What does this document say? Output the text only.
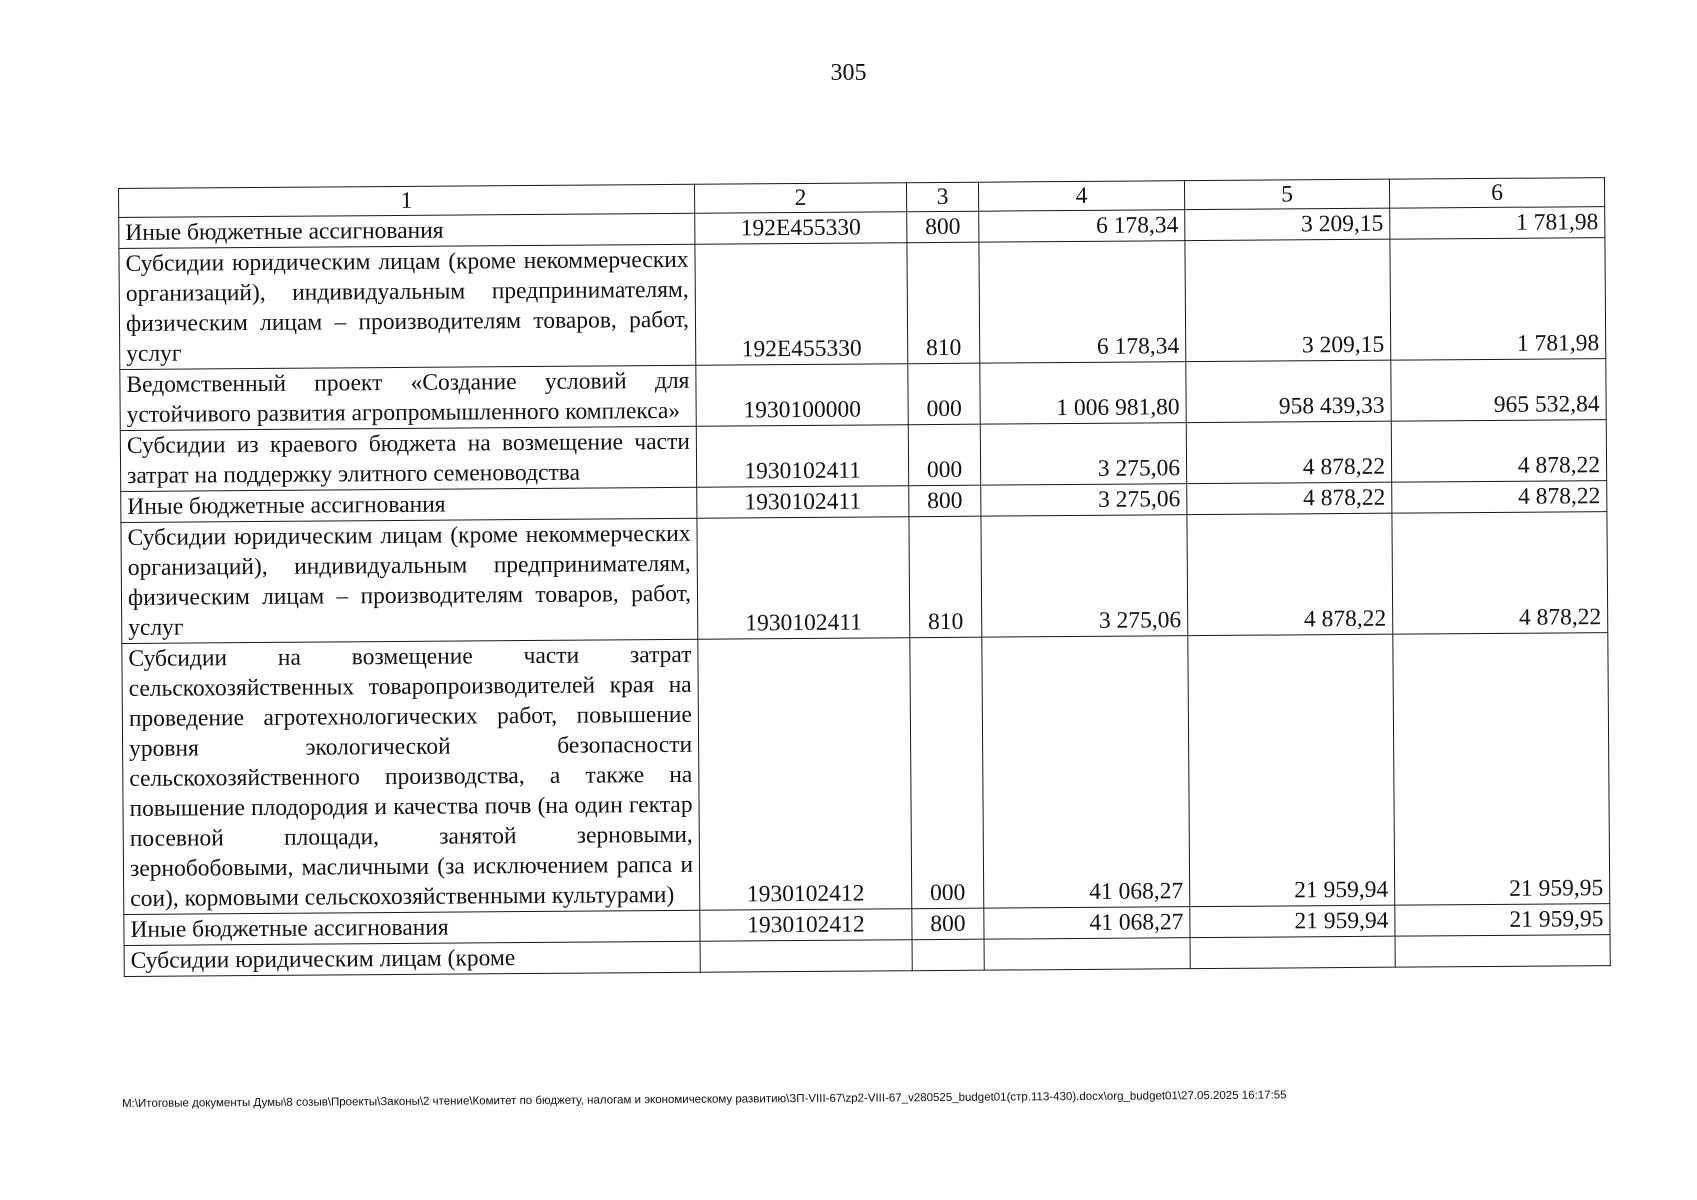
305
1	2	3	4	5	6
Иные бюджетные ассигнования	192E455330	800	6 178,34	3 209,15	1 781,98
Субсидии юридическим лицам (кроме некоммерческих организаций), индивидуальным предпринимателям, физическим лицам – производителям товаров, работ, услуг	192E455330	810	6 178,34	3 209,15	1 781,98
Ведомственный проект «Создание условий для устойчивого развития агропромышленного комплекса»	1930100000	000	1 006 981,80	958 439,33	965 532,84
Субсидии из краевого бюджета на возмещение части затрат на поддержку элитного семеноводства	1930102411	000	3 275,06	4 878,22	4 878,22
Иные бюджетные ассигнования	1930102411	800	3 275,06	4 878,22	4 878,22
Субсидии юридическим лицам (кроме некоммерческих организаций), индивидуальным предпринимателям, физическим лицам – производителям товаров, работ, услуг	1930102411	810	3 275,06	4 878,22	4 878,22
Субсидии на возмещение части затрат сельскохозяйственных товаропроизводителей края на проведение агротехнологических работ, повышение уровня экологической безопасности сельскохозяйственного производства, а также на повышение плодородия и качества почв (на один гектар посевной площади, занятой зерновыми, зернобобовыми, масличными (за исключением рапса и сои), кормовыми сельскохозяйственными культурами)	1930102412	000	41 068,27	21 959,94	21 959,95
Иные бюджетные ассигнования	1930102412	800	41 068,27	21 959,94	21 959,95
Субсидии юридическим лицам (кроме					
М:\Итоговые документы Думы\8 созыв\Проекты\Законы\2 чтение\Комитет по бюджету, налогам и экономическому развитию\ЗП-VIII-67\zp2-VIII-67_v280525_budget01(стр.113-430).docx\org_budget01\27.05.2025 16:17:55
